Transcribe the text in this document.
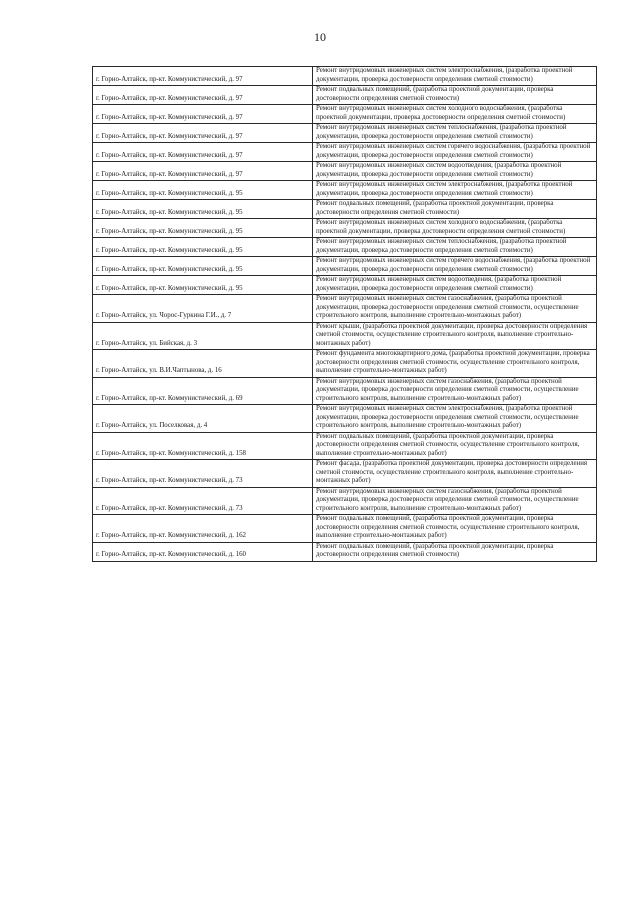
10
г. Горно-Алтайск, пр-кт. Коммунистический, д. 97	Ремонт внутридомовых инженерных систем электроснабжения, (разработка проектной документации, проверка достоверности определения сметной стоимости)
г. Горно-Алтайск, пр-кт. Коммунистический, д. 97	Ремонт подвальных помещений, (разработка проектной документации, проверка достоверности определения сметной стоимости)
г. Горно-Алтайск, пр-кт. Коммунистический, д. 97	Ремонт внутридомовых инженерных систем холодного водоснабжения, (разработка проектной документации, проверка достоверности определения сметной стоимости)
г. Горно-Алтайск, пр-кт. Коммунистический, д. 97	Ремонт внутридомовых инженерных систем теплоснабжения, (разработка проектной документации, проверка достоверности определения сметной стоимости)
г. Горно-Алтайск, пр-кт. Коммунистический, д. 97	Ремонт внутридомовых инженерных систем горячего водоснабжения, (разработка проектной документации, проверка достоверности определения сметной стоимости)
г. Горно-Алтайск, пр-кт. Коммунистический, д. 97	Ремонт внутридомовых инженерных систем водоотведения, (разработка проектной документации, проверка достоверности определения сметной стоимости)
г. Горно-Алтайск, пр-кт. Коммунистический, д. 95	Ремонт внутридомовых инженерных систем электроснабжения, (разработка проектной документации, проверка достоверности определения сметной стоимости)
г. Горно-Алтайск, пр-кт. Коммунистический, д. 95	Ремонт подвальных помещений, (разработка проектной документации, проверка достоверности определения сметной стоимости)
г. Горно-Алтайск, пр-кт. Коммунистический, д. 95	Ремонт внутридомовых инженерных систем холодного водоснабжения, (разработка проектной документации, проверка достоверности определения сметной стоимости)
г. Горно-Алтайск, пр-кт. Коммунистический, д. 95	Ремонт внутридомовых инженерных систем теплоснабжения, (разработка проектной документации, проверка достоверности определения сметной стоимости)
г. Горно-Алтайск, пр-кт. Коммунистический, д. 95	Ремонт внутридомовых инженерных систем горячего водоснабжения, (разработка проектной документации, проверка достоверности определения сметной стоимости)
г. Горно-Алтайск, пр-кт. Коммунистический, д. 95	Ремонт внутридомовых инженерных систем водоотведения, (разработка проектной документации, проверка достоверности определения сметной стоимости)
г. Горно-Алтайск, ул. Чорос-Гуркина Г.И., д. 7	Ремонт внутридомовых инженерных систем газоснабжения, (разработка проектной документации, проверка достоверности определения сметной стоимости, осуществление строительного контроля, выполнение строительно-монтажных работ)
г. Горно-Алтайск, ул. Бийская, д. 3	Ремонт крыши, (разработка проектной документации, проверка достоверности определения сметной стоимости, осуществление строительного контроля, выполнение строительно-монтажных работ)
г. Горно-Алтайск, ул. В.И.Чаптынова, д. 16	Ремонт фундамента многоквартирного дома, (разработка проектной документации, проверка достоверности определения сметной стоимости, осуществление строительного контроля, выполнение строительно-монтажных работ)
г. Горно-Алтайск, пр-кт. Коммунистический, д. 69	Ремонт внутридомовых инженерных систем газоснабжения, (разработка проектной документации, проверка достоверности определения сметной стоимости, осуществление строительного контроля, выполнение строительно-монтажных работ)
г. Горно-Алтайск, ул. Поселковая, д. 4	Ремонт внутридомовых инженерных систем электроснабжения, (разработка проектной документации, проверка достоверности определения сметной стоимости, осуществление строительного контроля, выполнение строительно-монтажных работ)
г. Горно-Алтайск, пр-кт. Коммунистический, д. 158	Ремонт подвальных помещений, (разработка проектной документации, проверка достоверности определения сметной стоимости, осуществление строительного контроля, выполнение строительно-монтажных работ)
г. Горно-Алтайск, пр-кт. Коммунистический, д. 73	Ремонт фасада, (разработка проектной документации, проверка достоверности определения сметной стоимости, осуществление строительного контроля, выполнение строительно-монтажных работ)
г. Горно-Алтайск, пр-кт. Коммунистический, д. 73	Ремонт внутридомовых инженерных систем газоснабжения, (разработка проектной документации, проверка достоверности определения сметной стоимости, осуществление строительного контроля, выполнение строительно-монтажных работ)
г. Горно-Алтайск, пр-кт. Коммунистический, д. 162	Ремонт подвальных помещений, (разработка проектной документации, проверка достоверности определения сметной стоимости, осуществление строительного контроля, выполнение строительно-монтажных работ)
г. Горно-Алтайск, пр-кт. Коммунистический, д. 160	Ремонт подвальных помещений, (разработка проектной документации, проверка достоверности определения сметной стоимости)
